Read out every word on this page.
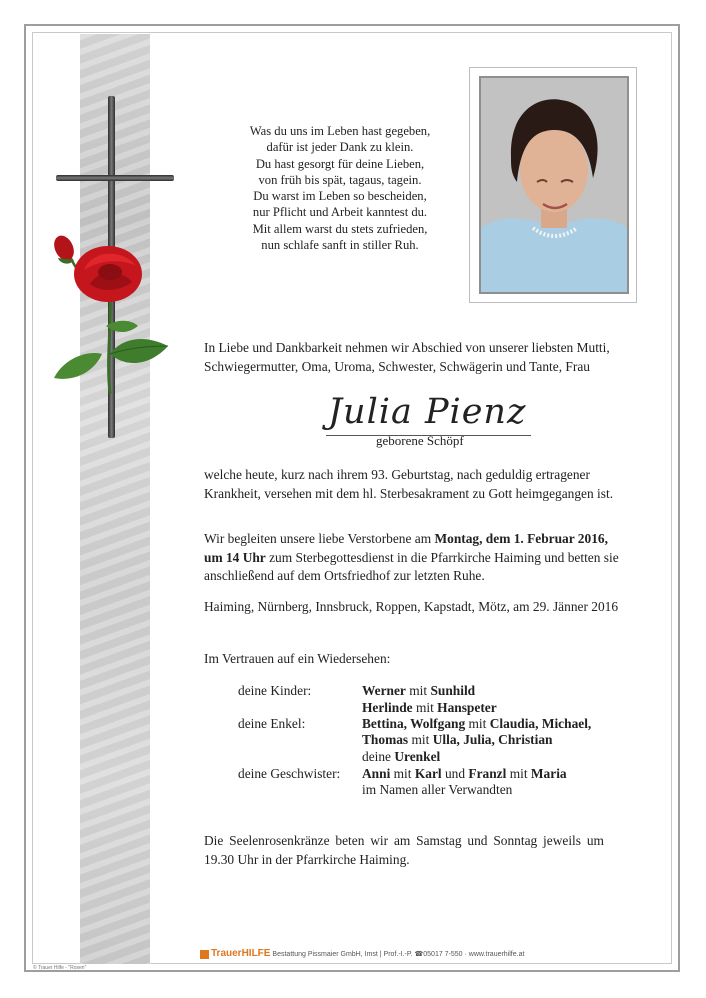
Was du uns im Leben hast gegeben,
dafür ist jeder Dank zu klein.
Du hast gesorgt für deine Lieben,
von früh bis spät, tagaus, tagein.
Du warst im Leben so bescheiden,
nur Pflicht und Arbeit kanntest du.
Mit allem warst du stets zufrieden,
nun schlafe sanft in stiller Ruh.
In Liebe und Dankbarkeit nehmen wir Abschied von unserer liebsten Mutti,
Schwiegermutter, Oma, Uroma, Schwester, Schwägerin und Tante, Frau
Julia Pienz
geborene Schöpf
welche heute, kurz nach ihrem 93. Geburtstag, nach geduldig ertragener
Krankheit, versehen mit dem hl. Sterbesakrament zu Gott heimgegangen ist.
Wir begleiten unsere liebe Verstorbene am Montag, dem 1. Februar 2016,
um 14 Uhr zum Sterbegottesdienst in die Pfarrkirche Haiming und betten sie
anschließend auf dem Ortsfriedhof zur letzten Ruhe.
Haiming, Nürnberg, Innsbruck, Roppen, Kapstadt, Mötz, am 29. Jänner 2016
Im Vertrauen auf ein Wiedersehen:
deine Kinder:	Werner mit Sunhild
Herlinde mit Hanspeter
deine Enkel:	Bettina, Wolfgang mit Claudia, Michael,
Thomas mit Ulla, Julia, Christian
deine Urenkel
deine Geschwister: Anni mit Karl und Franzl mit Maria
im Namen aller Verwandten
Die Seelenrosenkränze beten wir am Samstag und Sonntag jeweils um
19.30 Uhr in der Pfarrkirche Haiming.
TrauerHILFE Bestattung Pissmaier GmbH, Imst | Prof.-I.-P. ☎05017 7-550 · www.trauerhilfe.at
© Trauer Hilfe - "Rosen"
